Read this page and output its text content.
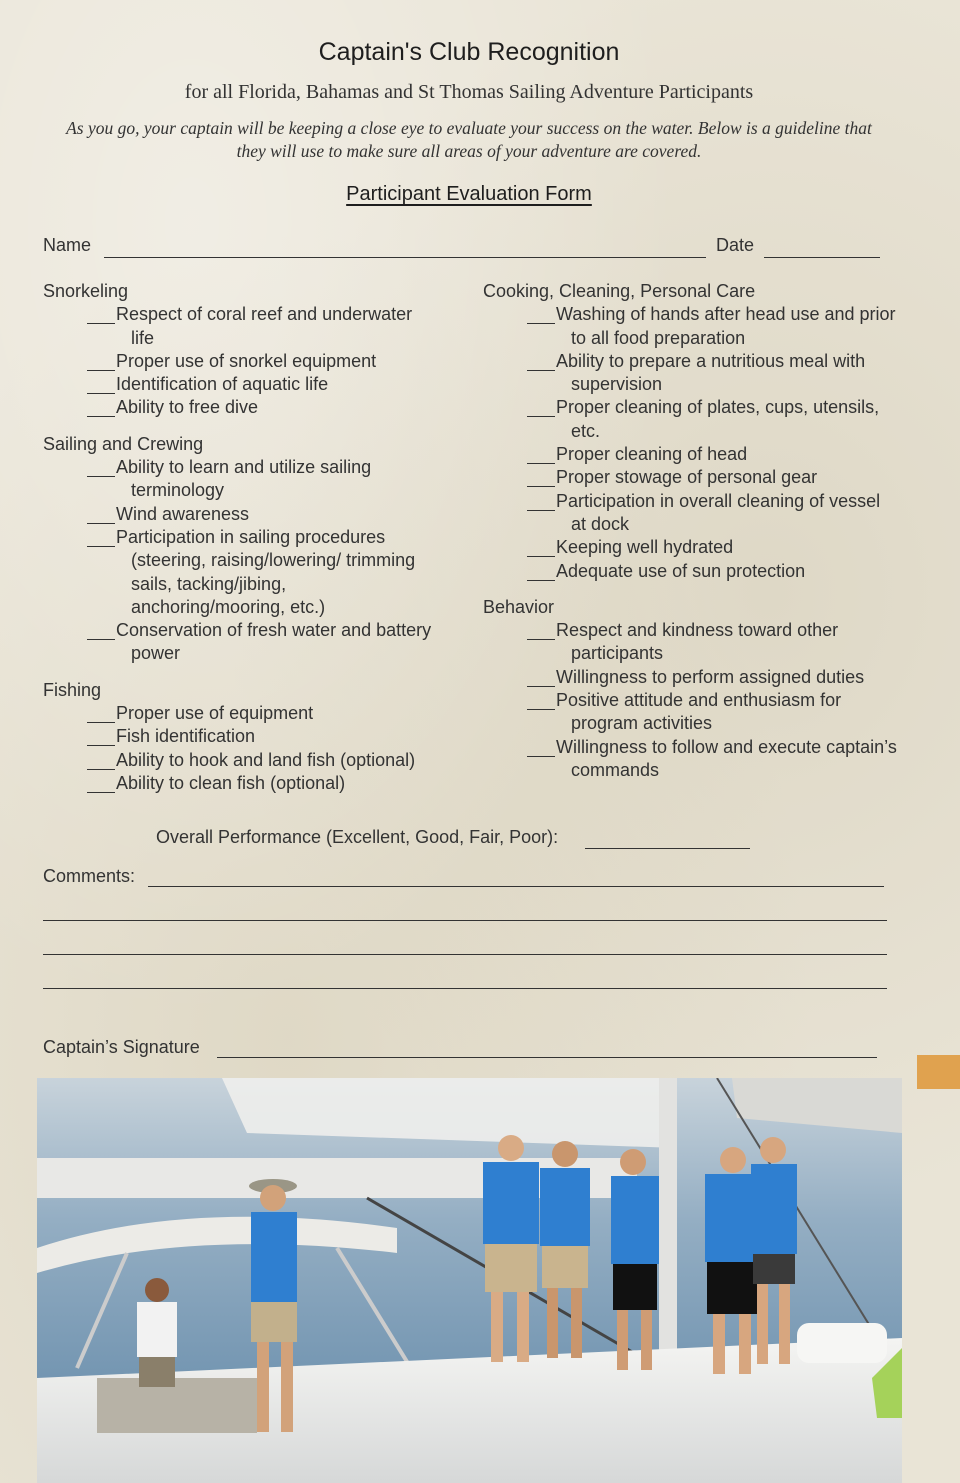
Captain's Club Recognition
for all Florida, Bahamas and St Thomas Sailing Adventure Participants
As you go, your captain will be keeping a close eye to evaluate your success on the water. Below is a guideline that they will use to make sure all areas of your adventure are covered.
Participant Evaluation Form
Name	Date
Snorkeling
Respect of coral reef and underwater life
Proper use of snorkel equipment
Identification of aquatic life
Ability to free dive
Sailing and Crewing
Ability to learn and utilize sailing terminology
Wind awareness
Participation in sailing procedures (steering, raising/lowering/ trimming sails, tacking/jibing, anchoring/mooring, etc.)
Conservation of fresh water and battery power
Fishing
Proper use of equipment
Fish identification
Ability to hook and land fish (optional)
Ability to clean fish (optional)
Cooking, Cleaning, Personal Care
Washing of hands after head use and prior to all food preparation
Ability to prepare a nutritious meal with supervision
Proper cleaning of plates, cups, utensils, etc.
Proper cleaning of head
Proper stowage of personal gear
Participation in overall cleaning of vessel at dock
Keeping well hydrated
Adequate use of sun protection
Behavior
Respect and kindness toward other participants
Willingness to perform assigned duties
Positive attitude and enthusiasm for program activities
Willingness to follow and execute captain’s commands
Overall Performance (Excellent, Good, Fair, Poor):
Comments:
Captain’s Signature
